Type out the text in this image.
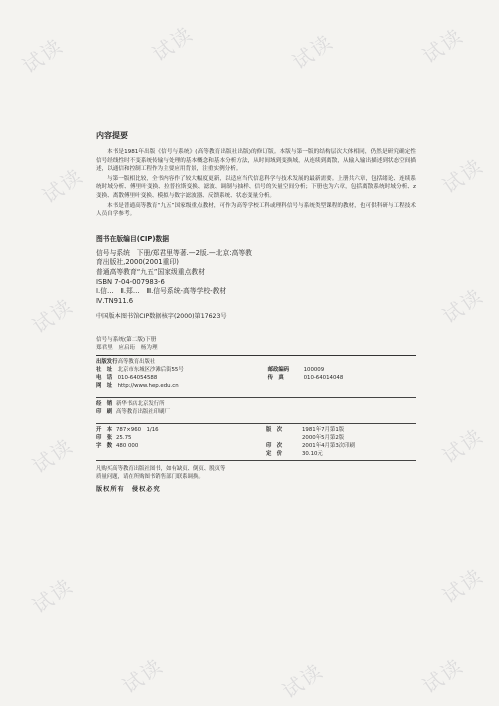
试读	试读	试读	试读
试读	试读
试读	试读
试读	试读
试读	试读
试读	试读	试读
内容提要

本书是1981年出版《信号与系统》(高等教育出版社出版)的修订版。本版与第一版的结构层次大体相同，仍然是研究确定性信号经线性时不变系统传输与处理的基本概念和基本分析方法，从时间域到变换域，从连续到离散，从输入输出描述到状态空间描述，以通信和控制工程作为主要应用背景，注重实例分析。

与第一版相比较，全书内容作了较大幅度更新，以适应当代信息科学与技术发展的最新需要。上册共六章，包括绪论、连续系统时域分析、傅里叶变换、拉普拉斯变换、滤波、调制与抽样、信号的矢量空间分析；下册也为六章，包括离散系统时域分析、z变换、离散傅里叶变换、模拟与数字滤波器、反馈系统、状态变量分析。

本书是普通高等教育“九五”国家级重点教材，可作为高等学校工科或理科信号与系统类型课程的教材，也可供科研与工程技术人员自学参考。

图书在版编目(CIP)数据
信号与系统　下册/郑君里等著.—2版.—北京:高等教
育出版社,2000(2001重印)
普通高等教育“九五”国家级重点教材
ISBN 7-04-007983-6
Ⅰ.信…　Ⅱ.郑…　Ⅲ.信号系统-高等学校-教材
Ⅳ.TN911.6
中国版本图书馆CIP数据核字(2000)第17623号
信号与系统(第二版)下册
郑君里　应启珩　杨为理
出版发行	高等教育出版社		
社　址	北京市东城区沙滩后街55号	邮政编码	100009
电　话	010-64054588	传　真	010-64014048
网　址	http://www.hep.edu.cn		
经　销	新华书店北京发行所
印　刷	高等教育出版社印刷厂
开　本	787×960　1/16	版　次	1981年7月第1版
印　张	25.75		2000年5月第2版
字　数	480 000	印　次	2001年4月第3次印刷
		定　价	30.10元
凡购买高等教育出版社图书，如有缺页、倒页、脱页等
质量问题，请在所购图书销售部门联系调换。
版权所有　侵权必究
